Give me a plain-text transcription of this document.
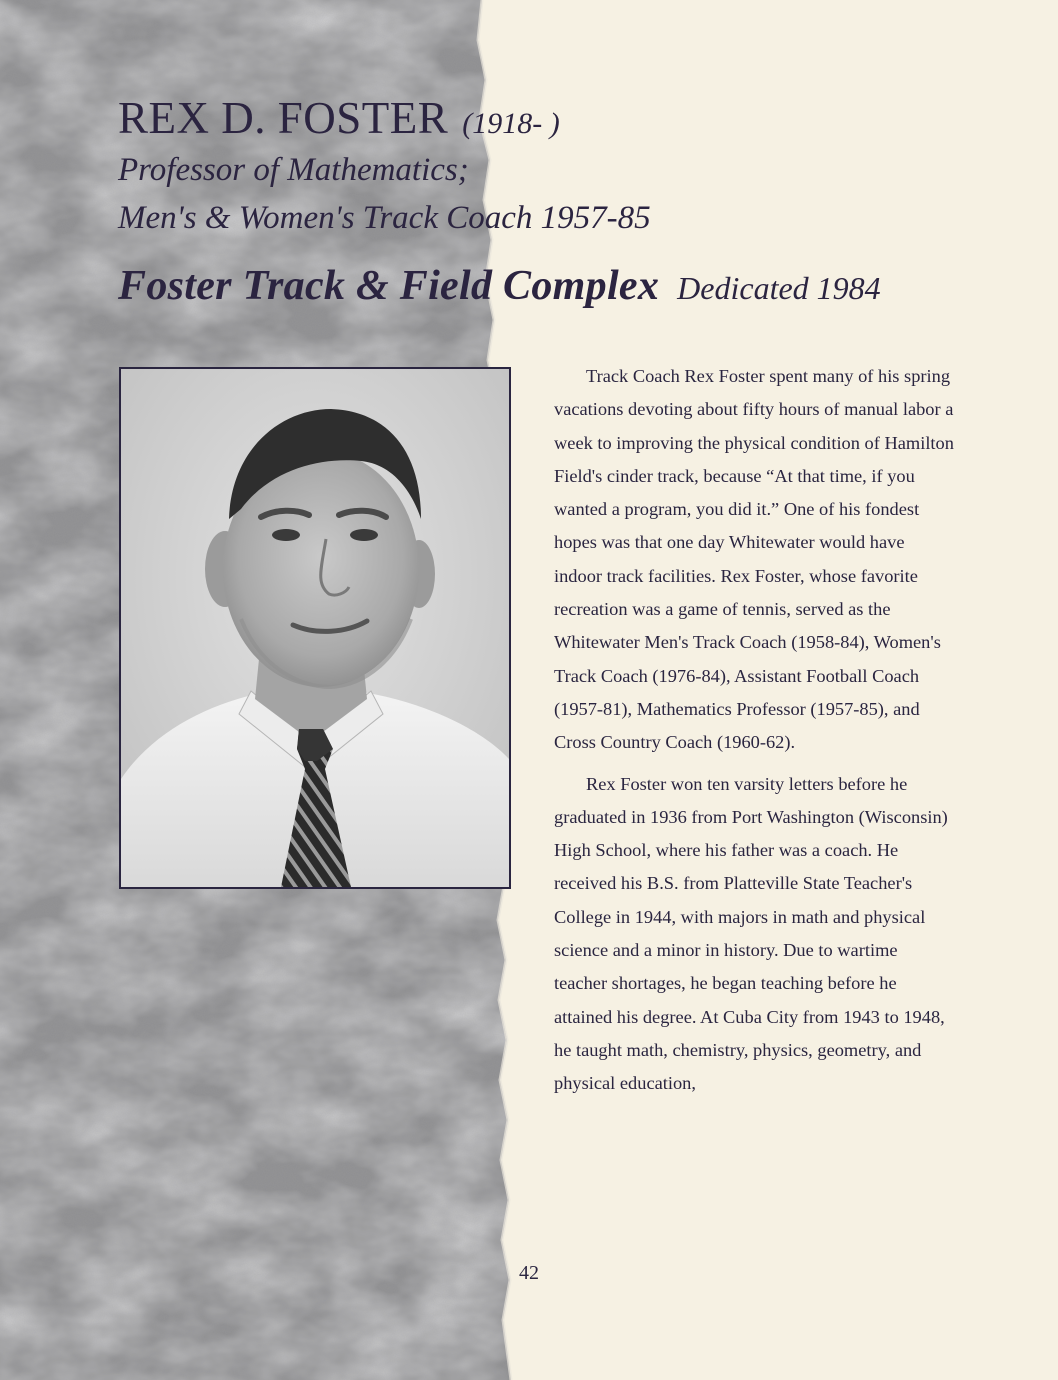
REX D. FOSTER (1918- )
Professor of Mathematics;
Men's & Women's Track Coach 1957-85
Foster Track & Field Complex Dedicated 1984

Track Coach Rex Foster spent many of his spring vacations devoting about fifty hours of manual labor a week to improving the physical condition of Hamilton Field's cinder track, because “At that time, if you wanted a program, you did it.” One of his fondest hopes was that one day Whitewater would have indoor track facilities. Rex Foster, whose favorite recreation was a game of tennis, served as the Whitewater Men's Track Coach (1958-84), Women's Track Coach (1976-84), Assistant Football Coach (1957-81), Mathematics Professor (1957-85), and Cross Country Coach (1960-62).

Rex Foster won ten varsity letters before he graduated in 1936 from Port Washington (Wisconsin) High School, where his father was a coach. He received his B.S. from Platteville State Teacher's College in 1944, with majors in math and physical science and a minor in history. Due to wartime teacher shortages, he began teaching before he attained his degree. At Cuba City from 1943 to 1948, he taught math, chemistry, physics, geometry, and physical education,

42
